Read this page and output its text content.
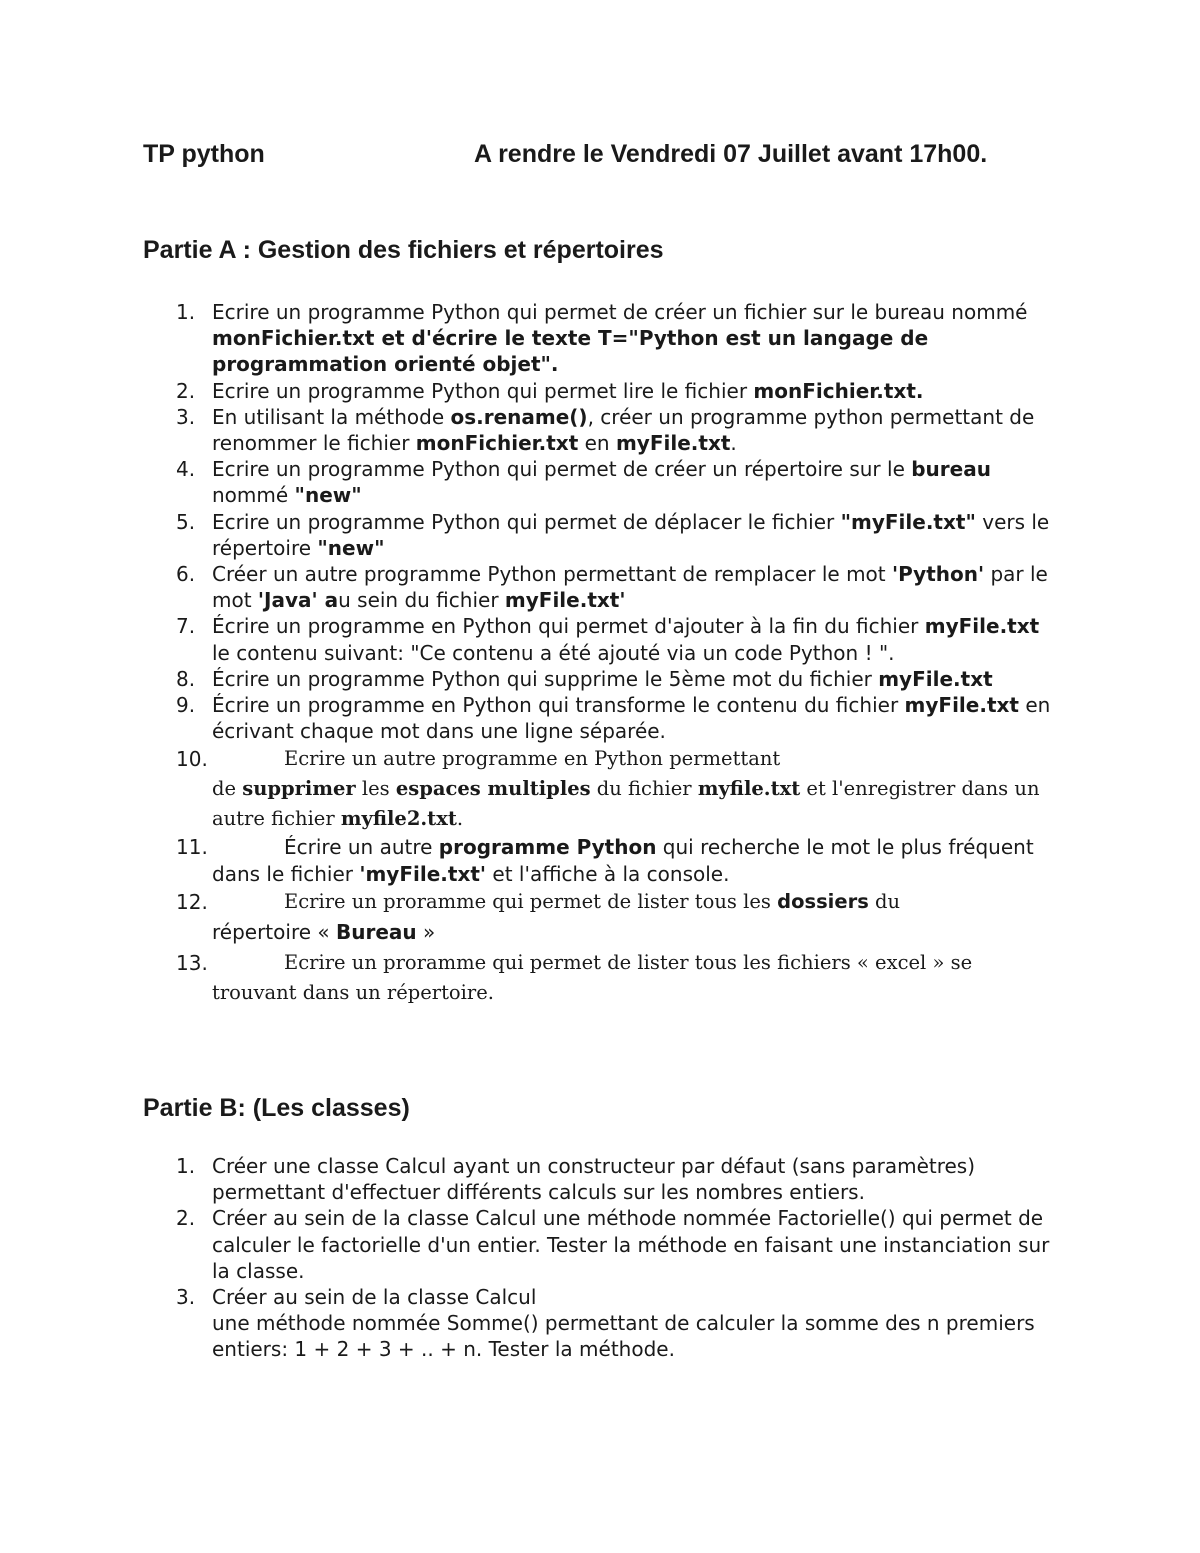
TP python	A rendre le Vendredi 07 Juillet avant 17h00.
Partie A : Gestion des fichiers et répertoires
1. Ecrire un programme Python qui permet de créer un fichier sur le bureau nommé monFichier.txt et d'écrire le texte T="Python est un langage de programmation orienté objet".
2. Ecrire un programme Python qui permet lire le fichier monFichier.txt.
3. En utilisant la méthode os.rename(), créer un programme python permettant de renommer le fichier monFichier.txt en myFile.txt.
4. Ecrire un programme Python qui permet de créer un répertoire sur le bureau nommé "new"
5. Ecrire un programme Python qui permet de déplacer le fichier "myFile.txt" vers le répertoire "new"
6. Créer un autre programme Python permettant de remplacer le mot 'Python' par le mot 'Java' au sein du fichier myFile.txt'
7. Écrire un programme en Python qui permet d'ajouter à la fin du fichier myFile.txt le contenu suivant: "Ce contenu a été ajouté via un code Python ! ".
8. Écrire un programme Python qui supprime le 5ème mot du fichier myFile.txt
9. Écrire un programme en Python qui transforme le contenu du fichier myFile.txt en écrivant chaque mot dans une ligne séparée.
10.	Ecrire un autre programme en Python permettant
de supprimer les espaces multiples du fichier myfile.txt et l'enregistrer dans un autre fichier myfile2.txt.
11.	Écrire un autre programme Python qui recherche le mot le plus fréquent dans le fichier 'myFile.txt' et l'affiche à la console.
12.	Ecrire un proramme qui permet de lister tous les dossiers du
répertoire « Bureau »
13.	Ecrire un proramme qui permet de lister tous les fichiers « excel » se trouvant dans un répertoire.
Partie B: (Les classes)
1. Créer une classe Calcul ayant un constructeur par défaut (sans paramètres) permettant d'effectuer différents calculs sur les nombres entiers.
2. Créer au sein de la classe Calcul une méthode nommée Factorielle() qui permet de calculer le factorielle d'un entier. Tester la méthode en faisant une instanciation sur la classe.
3. Créer au sein de la classe Calcul
une méthode nommée Somme() permettant de calculer la somme des n premiers entiers: 1 + 2 + 3 + .. + n. Tester la méthode.
